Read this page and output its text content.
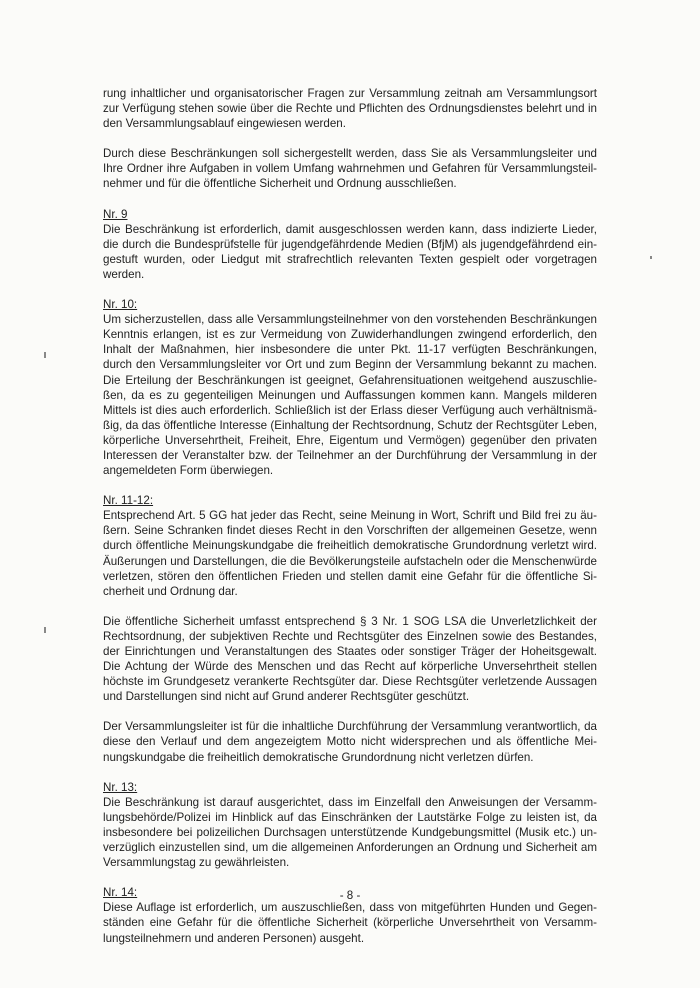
rung inhaltlicher und organisatorischer Fragen zur Versammlung zeitnah am Versammlungsort
zur Verfügung stehen sowie über die Rechte und Pflichten des Ordnungsdienstes belehrt und in
den Versammlungsablauf eingewiesen werden.
Durch diese Beschränkungen soll sichergestellt werden, dass Sie als Versammlungsleiter und
Ihre Ordner ihre Aufgaben in vollem Umfang wahrnehmen und Gefahren für Versammlungsteil-
nehmer und für die öffentliche Sicherheit und Ordnung ausschließen.
Nr. 9
Die Beschränkung ist erforderlich, damit ausgeschlossen werden kann, dass indizierte Lieder,
die durch die Bundesprüfstelle für jugendgefährdende Medien (BfjM) als jugendgefährdend ein-
gestuft wurden, oder Liedgut mit strafrechtlich relevanten Texten gespielt oder vorgetragen
werden.
Nr. 10:
Um sicherzustellen, dass alle Versammlungsteilnehmer von den vorstehenden Beschränkungen
Kenntnis erlangen, ist es zur Vermeidung von Zuwiderhandlungen zwingend erforderlich, den
Inhalt der Maßnahmen, hier insbesondere die unter Pkt. 11-17 verfügten Beschränkungen,
durch den Versammlungsleiter vor Ort und zum Beginn der Versammlung bekannt zu machen.
Die Erteilung der Beschränkungen ist geeignet, Gefahrensituationen weitgehend auszuschlie-
ßen, da es zu gegenteiligen Meinungen und Auffassungen kommen kann. Mangels milderen
Mittels ist dies auch erforderlich. Schließlich ist der Erlass dieser Verfügung auch verhältnismä-
ßig, da das öffentliche Interesse (Einhaltung der Rechtsordnung, Schutz der Rechtsgüter Leben,
körperliche Unversehrtheit, Freiheit, Ehre, Eigentum und Vermögen) gegenüber den privaten
Interessen der Veranstalter bzw. der Teilnehmer an der Durchführung der Versammlung in der
angemeldeten Form überwiegen.
Nr. 11-12:
Entsprechend Art. 5 GG hat jeder das Recht, seine Meinung in Wort, Schrift und Bild frei zu äu-
ßern. Seine Schranken findet dieses Recht in den Vorschriften der allgemeinen Gesetze, wenn
durch öffentliche Meinungskundgabe die freiheitlich demokratische Grundordnung verletzt wird.
Äußerungen und Darstellungen, die die Bevölkerungsteile aufstacheln oder die Menschenwürde
verletzen, stören den öffentlichen Frieden und stellen damit eine Gefahr für die öffentliche Si-
cherheit und Ordnung dar.
Die öffentliche Sicherheit umfasst entsprechend § 3 Nr. 1 SOG LSA die Unverletzlichkeit der
Rechtsordnung, der subjektiven Rechte und Rechtsgüter des Einzelnen sowie des Bestandes,
der Einrichtungen und Veranstaltungen des Staates oder sonstiger Träger der Hoheitsgewalt.
Die Achtung der Würde des Menschen und das Recht auf körperliche Unversehrtheit stellen
höchste im Grundgesetz verankerte Rechtsgüter dar. Diese Rechtsgüter verletzende Aussagen
und Darstellungen sind nicht auf Grund anderer Rechtsgüter geschützt.
Der Versammlungsleiter ist für die inhaltliche Durchführung der Versammlung verantwortlich, da
diese den Verlauf und dem angezeigtem Motto nicht widersprechen und als öffentliche Mei-
nungskundgabe die freiheitlich demokratische Grundordnung nicht verletzen dürfen.
Nr. 13:
Die Beschränkung ist darauf ausgerichtet, dass im Einzelfall den Anweisungen der Versamm-
lungsbehörde/Polizei im Hinblick auf das Einschränken der Lautstärke Folge zu leisten ist, da
insbesondere bei polizeilichen Durchsagen unterstützende Kundgebungsmittel (Musik etc.) un-
verzüglich einzustellen sind, um die allgemeinen Anforderungen an Ordnung und Sicherheit am
Versammlungstag zu gewährleisten.
Nr. 14:
Diese Auflage ist erforderlich, um auszuschließen, dass von mitgeführten Hunden und Gegen-
ständen eine Gefahr für die öffentliche Sicherheit (körperliche Unversehrtheit von Versamm-
lungsteilnehmern und anderen Personen) ausgeht.
- 8 -
